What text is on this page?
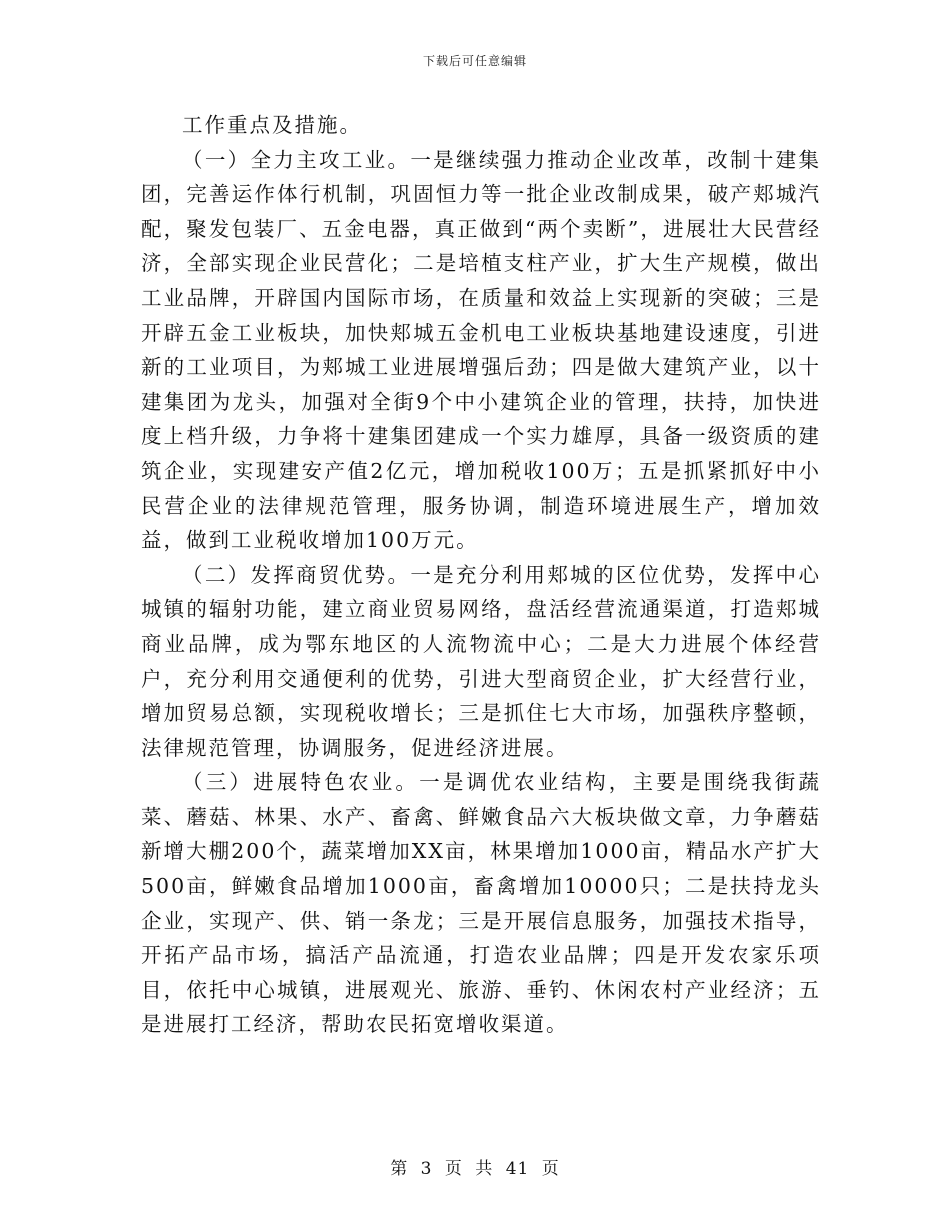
下载后可任意编辑

工作重点及措施。

（一）全力主攻工业。一是继续强力推动企业改革，改制十建集团，完善运作体行机制，巩固恒力等一批企业改制成果，破产郏城汽配，聚发包装厂、五金电器，真正做到“两个卖断”，进展壮大民营经济，全部实现企业民营化；二是培植支柱产业，扩大生产规模，做出工业品牌，开辟国内国际市场，在质量和效益上实现新的突破；三是开辟五金工业板块，加快郏城五金机电工业板块基地建设速度，引进新的工业项目，为郏城工业进展增强后劲；四是做大建筑产业，以十建集团为龙头，加强对全街9个中小建筑企业的管理，扶持，加快进度上档升级，力争将十建集团建成一个实力雄厚，具备一级资质的建筑企业，实现建安产值2亿元，增加税收100万；五是抓紧抓好中小民营企业的法律规范管理，服务协调，制造环境进展生产，增加效益，做到工业税收增加100万元。

（二）发挥商贸优势。一是充分利用郏城的区位优势，发挥中心城镇的辐射功能，建立商业贸易网络，盘活经营流通渠道，打造郏城商业品牌，成为鄂东地区的人流物流中心；二是大力进展个体经营户，充分利用交通便利的优势，引进大型商贸企业，扩大经营行业，增加贸易总额，实现税收增长；三是抓住七大市场，加强秩序整顿，法律规范管理，协调服务，促进经济进展。

（三）进展特色农业。一是调优农业结构，主要是围绕我街蔬菜、蘑菇、林果、水产、畜禽、鲜嫩食品六大板块做文章，力争蘑菇新增大棚200个，蔬菜增加XX亩，林果增加1000亩，精品水产扩大500亩，鲜嫩食品增加1000亩，畜禽增加10000只；二是扶持龙头企业，实现产、供、销一条龙；三是开展信息服务，加强技术指导，开拓产品市场，搞活产品流通，打造农业品牌；四是开发农家乐项目，依托中心城镇，进展观光、旅游、垂钓、休闲农村产业经济；五是进展打工经济，帮助农民拓宽增收渠道。

第 3 页 共 41 页
